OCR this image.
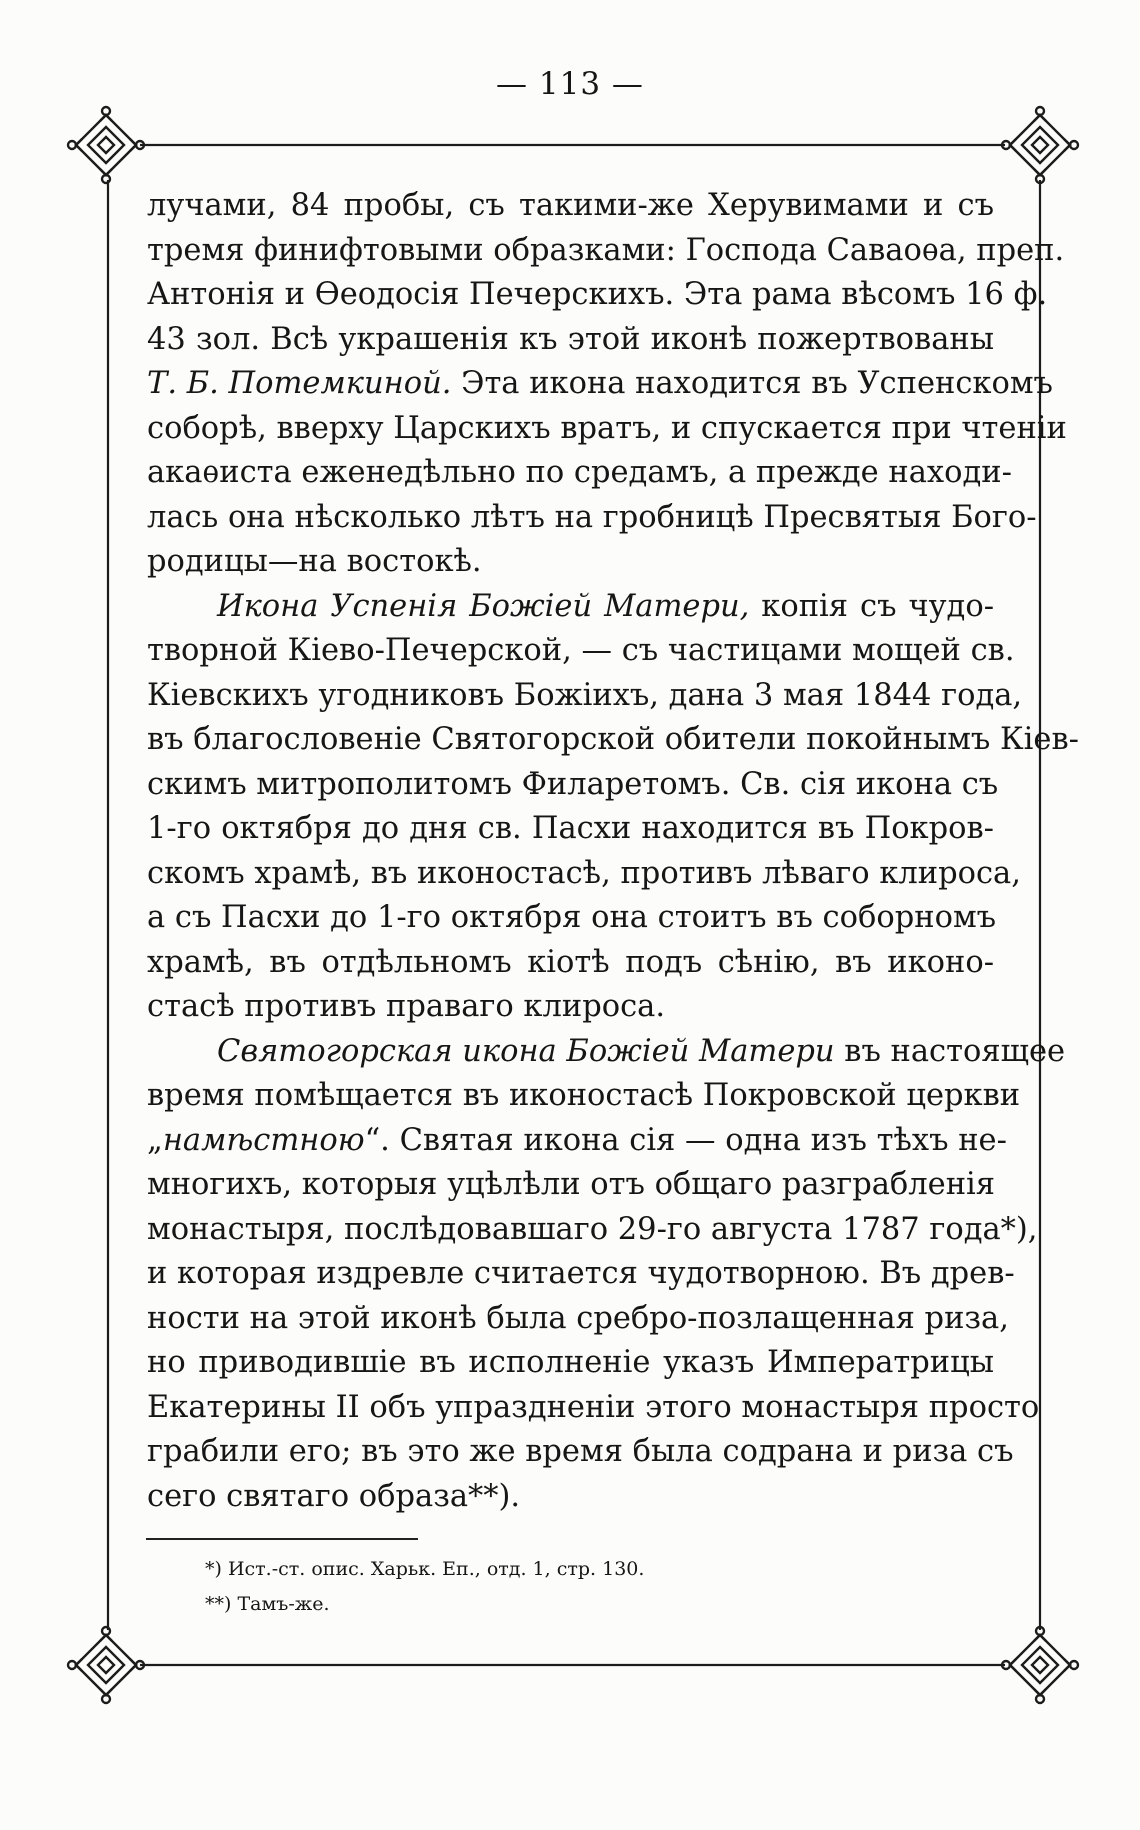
— 113 —
лучами, 84 пробы, съ такими-же Херувимами и съ
тремя финифтовыми образками: Господа Саваоѳа, преп.
Антонія и Ѳеодосія Печерскихъ. Эта рама вѣсомъ 16 ф.
43 зол. Всѣ украшенія къ этой иконѣ пожертвованы
Т. Б. Потемкиной. Эта икона находится въ Успенскомъ
соборѣ, вверху Царскихъ вратъ, и спускается при чтеніи
акаѳиста еженедѣльно по средамъ, а прежде находи-
лась она нѣсколько лѣтъ на гробницѣ Пресвятыя Бого-
родицы—на востокѣ.
Икона Успенія Божіей Матери, копія съ чудо-
творной Кіево-Печерской, — съ частицами мощей св.
Кіевскихъ угодниковъ Божіихъ, дана 3 мая 1844 года,
въ благословеніе Святогорской обители покойнымъ Кіев-
скимъ митрополитомъ Филаретомъ. Св. сія икона съ
1-го октября до дня св. Пасхи находится въ Покров-
скомъ храмѣ, въ иконостасѣ, противъ лѣваго клироса,
а съ Пасхи до 1-го октября она стоитъ въ соборномъ
храмѣ, въ отдѣльномъ кіотѣ подъ сѣнію, въ иконо-
стасѣ противъ праваго клироса.
Святогорская икона Божіей Матери въ настоящее
время помѣщается въ иконостасѣ Покровской церкви
„намѣстною“. Святая икона сія — одна изъ тѣхъ не-
многихъ, которыя уцѣлѣли отъ общаго разграбленія
монастыря, послѣдовавшаго 29-го августа 1787 года*),
и которая издревле считается чудотворною. Въ древ-
ности на этой иконѣ была сребро-позлащенная риза,
но приводившіе въ исполненіе указъ Императрицы
Екатерины II объ упраздненіи этого монастыря просто
грабили его; въ это же время была содрана и риза съ
сего святаго образа**).
*) Ист.-ст. опис. Харьк. Еп., отд. 1, стр. 130.
**) Тамъ-же.
